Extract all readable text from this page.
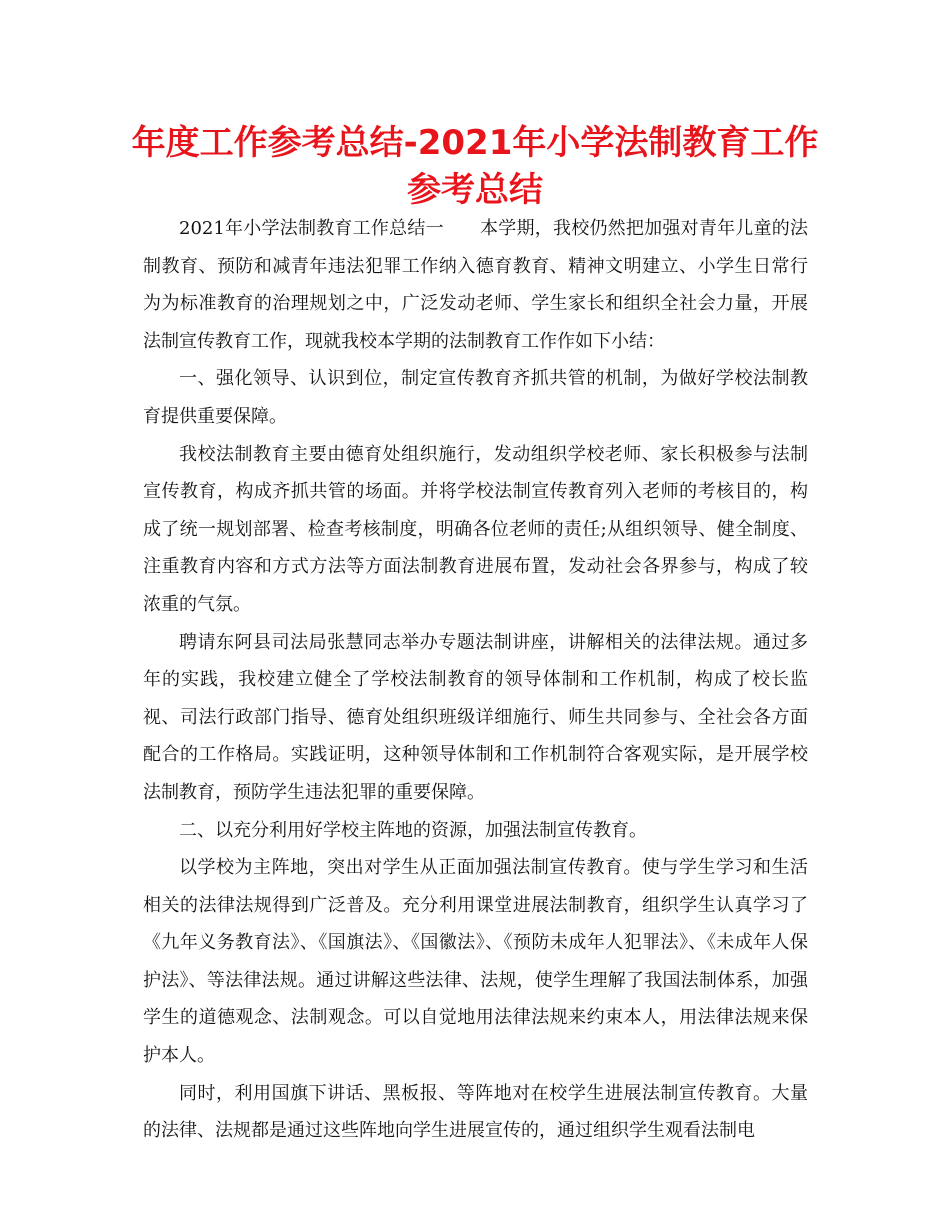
年度工作参考总结-2021年小学法制教育工作参考总结

2021年小学法制教育工作总结一 本学期，我校仍然把加强对青年儿童的法制教育、预防和减青年违法犯罪工作纳入德育教育、精神文明建立、小学生日常行为为标准教育的治理规划之中，广泛发动老师、学生家长和组织全社会力量，开展法制宣传教育工作，现就我校本学期的法制教育工作作如下小结：

一、强化领导、认识到位，制定宣传教育齐抓共管的机制，为做好学校法制教育提供重要保障。

我校法制教育主要由德育处组织施行，发动组织学校老师、家长积极参与法制宣传教育，构成齐抓共管的场面。并将学校法制宣传教育列入老师的考核目的，构成了统一规划部署、检查考核制度，明确各位老师的责任;从组织领导、健全制度、注重教育内容和方式方法等方面法制教育进展布置，发动社会各界参与，构成了较浓重的气氛。

聘请东阿县司法局张慧同志举办专题法制讲座，讲解相关的法律法规。通过多年的实践，我校建立健全了学校法制教育的领导体制和工作机制，构成了校长监视、司法行政部门指导、德育处组织班级详细施行、师生共同参与、全社会各方面配合的工作格局。实践证明，这种领导体制和工作机制符合客观实际，是开展学校法制教育，预防学生违法犯罪的重要保障。

二、以充分利用好学校主阵地的资源，加强法制宣传教育。

以学校为主阵地，突出对学生从正面加强法制宣传教育。使与学生学习和生活相关的法律法规得到广泛普及。充分利用课堂进展法制教育，组织学生认真学习了《九年义务教育法》、《国旗法》、《国徽法》、《预防未成年人犯罪法》、《未成年人保护法》、等法律法规。通过讲解这些法律、法规，使学生理解了我国法制体系，加强学生的道德观念、法制观念。可以自觉地用法律法规来约束本人，用法律法规来保护本人。

同时，利用国旗下讲话、黑板报、等阵地对在校学生进展法制宣传教育。大量的法律、法规都是通过这些阵地向学生进展宣传的，通过组织学生观看法制电
